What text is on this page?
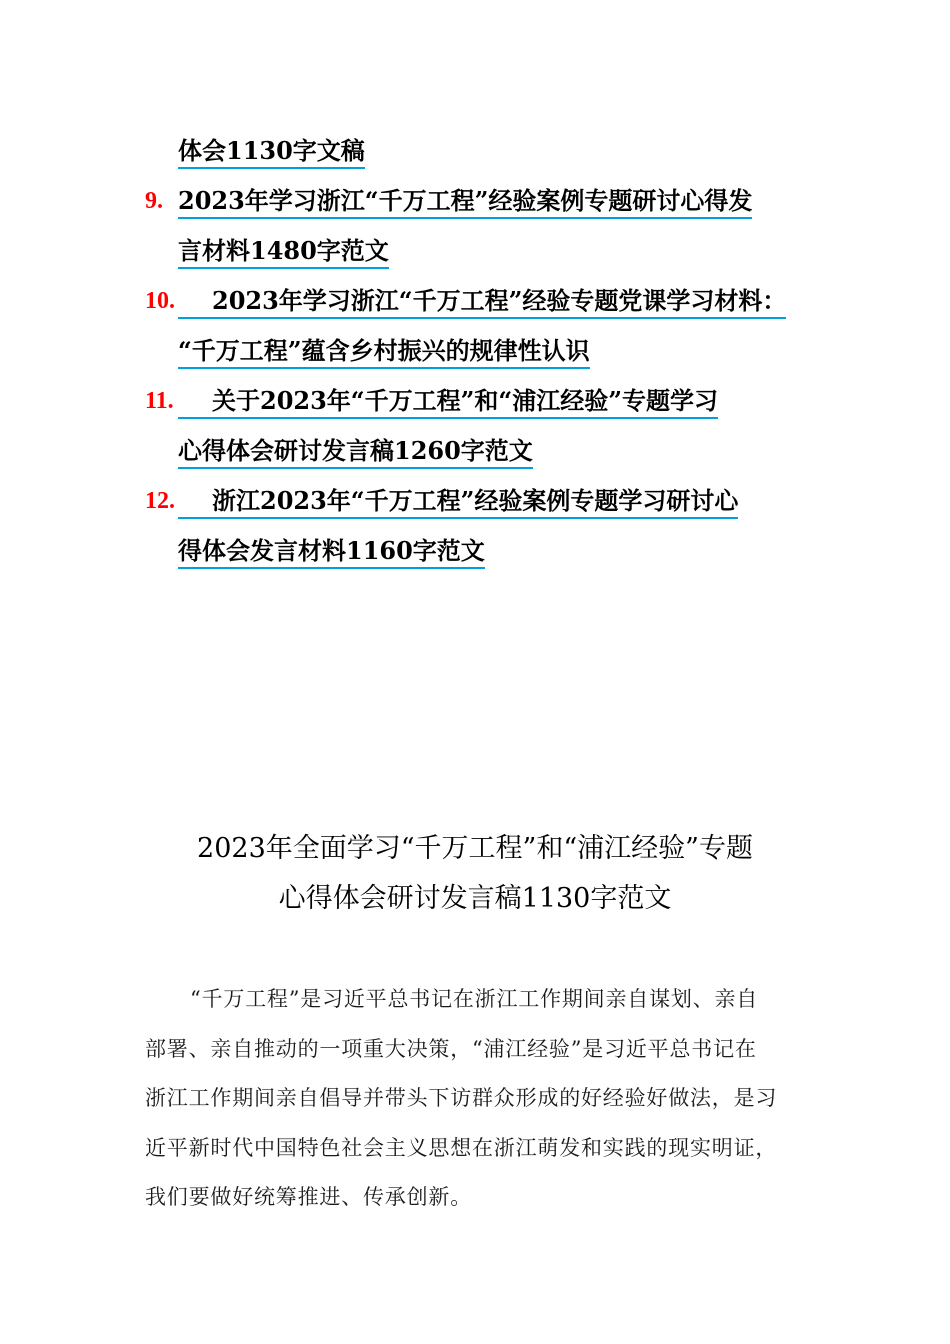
体会1130字文稿
9. 2023年学习浙江“千万工程”经验案例专题研讨心得发
言材料1480字范文
10.	2023年学习浙江“千万工程”经验专题党课学习材料：
“千万工程”蕴含乡村振兴的规律性认识
11.	关于2023年“千万工程”和“浦江经验”专题学习
心得体会研讨发言稿1260字范文
12.	浙江2023年“千万工程”经验案例专题学习研讨心
得体会发言材料1160字范文
2023年全面学习“千万工程”和“浦江经验”专题
心得体会研讨发言稿1130字范文
“千万工程”是习近平总书记在浙江工作期间亲自谋划、亲自
部署、亲自推动的一项重大决策，“浦江经验”是习近平总书记在
浙江工作期间亲自倡导并带头下访群众形成的好经验好做法，是习
近平新时代中国特色社会主义思想在浙江萌发和实践的现实明证，
我们要做好统筹推进、传承创新。
